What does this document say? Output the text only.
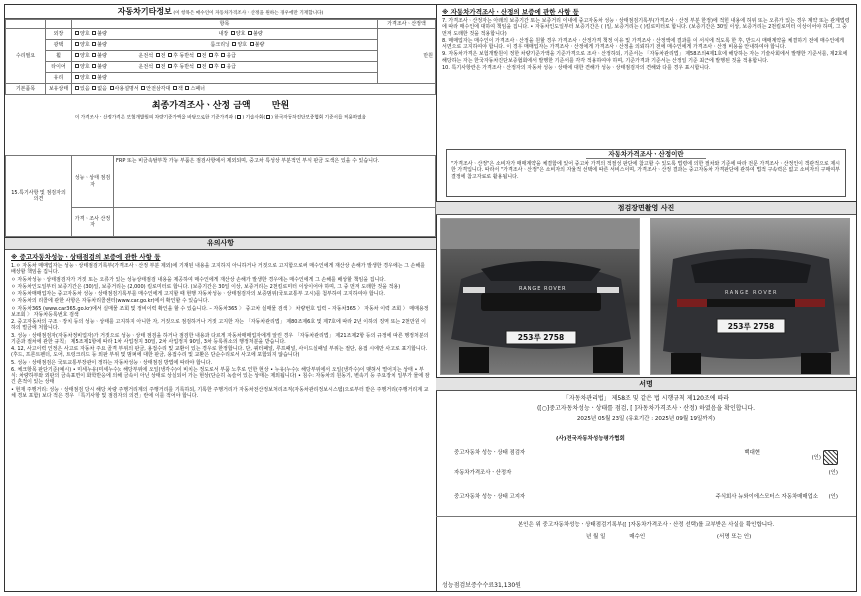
자동차기타정보 (이 항목은 매수인이 자동차가격조사ㆍ산정을 원하는 경우에만 기재합니다)
		항목	가격조사ㆍ산정액
수리필요	외장	양호 불량 내장 양호 불량	만원
	광택	양호 불량 룸크리닝 양호 불량	
	휠	양호 불량 운전석 전 후 동반석 전 후 응급	
	타이어	양호 불량 운전석 전 후 동반석 전 후 응급	
	유리	양호 불량	
기본품목	보유상태	있음 없음 사용설명서 안전삼각대 잭 스패너	
최종가격조사ㆍ산정 금액 만원
이 가격조사ㆍ산정가격은 보험개발원의 차량기준가액을 바탕으로한 기준가격과 ( ) 기술사회( ) 한국자동차진단보증협회 기준서를 적용하였음
15.특기사항 및 점검자의 의견	성능ㆍ상태 점검자	FRP 또는 비금속탈부착 가능 부품은 점검사항에서 제외되며, 중고차 특성상 부분적인 부식 판금 도색은 있을 수 있습니다.
	가격ㆍ조사 산정자	
유의사항

※ 중고자동차성능ㆍ상태점검의 보증에 관한 사항 등

1.ㅇ 자동차 매매업자는 성능ㆍ상태점검기록부(가격조사ㆍ산정 부분 제외)에 기재된 내용을 고지하지 아니하거나 거짓으로 고지함으로써 매수인에게 재산상 손해가 발생한 경우에는 그 손해를 배상할 책임을 집니다.

ㅇ 자동차성능ㆍ상태점검자가 거짓 또는 오류가 있는 성능상태점검 내용을 제공하여 매수인에게 재산상 손해가 발생한 경우에는 매수인에게 그 손해를 배상할 책임을 집니다.

ㅇ 자동차인도일부터 보증기간은 (30)일, 보증거리는 (2,000) 킬로미터로 합니다. (보증기간은 30일 이상, 보증거리는 2천킬로미터 이상이어야 하며, 그 중 먼저 도래한 것을 적용)

ㅇ 자동차매매업자는 중고자동차 성능ㆍ상태점검기록부를 매수인에게 고지할 때 현행 자동차성능ㆍ상태점검자의 보증범위(국토교통부 고시)를 첨부하여 고지하여야 합니다.

ㅇ 자동차의 리콜에 관한 사항은 자동차리콜센터(www.car.go.kr)에서 확인할 수 있습니다.

ㅇ 자동차365 (www.car365.go.kr)에서 실매물 조회 및 정비이력 확인을 할 수 있습니다. – 자동차365 〉 중고차 실매물 검색 〉 차량번호 입력 – 자동차365 〉 자동차 이력 조회 〉 매매용정보조회 〉 자동차등록번호 검색

2. 중고자동차의 구조ㆍ장치 등의 성능ㆍ상태를 고지하지 아니한 자, 거짓으로 점검하거나 거짓 고지한 자는 「자동차관리법」 제80조제6호 및 제7호에 따라 2년 이하의 징역 또는 2천만원 이하의 벌금에 처합니다.

3. 성능ㆍ상태점검자(자동차정비업자)가 거짓으로 성능ㆍ상태 점검을 하거나 점검한 내용과 다르게 자동차매매업자에게 알린 경우 「자동차관리법」 제21조제2항 등의 규정에 따른 행정처분의 기준과 절차에 관한 규칙」 제5조제1항에 따라 1차 사업정지 30일, 2차 사업정지 90일, 3차 등록취소의 행정처분을 받습니다.

4. 12, 사고이력 인정은 사고로 자동차 주요 골격 부위의 판금, 용접수리 및 교환이 있는 경우로 한정합니다. 단, 쿼터패널, 루프패널, 사이드실패널 부위는 절단, 용접 시에만 사고로 표기합니다. (후드, 프론트펜더, 도어, 트렁크리드 등 외판 부위 및 범퍼에 대한 판금, 용접수리 및 교환은 단순수리로서 사고에 포함되지 않습니다)

5. 성능ㆍ상태점검은 국토교통부장관이 정하는 자동차성능ㆍ상태점검 방법에 따라야 합니다.

6. 체크항목 판단기준(예시) • 미세누유(미세누수): 해당부위에 오일(냉각수)이 비치는 정도로서 부품 노후로 인한 현상 • 누유(누수): 해당부위에서 오일(냉각수)이 맺혀서 떨어지는 상태 • 부식: 차량하부와 외판의 금속표면이 화학반응에 의해 금속이 아닌 상태로 상실되어 가는 현상(단순히 녹슬어 있는 상태는 제외됩니다) • 침수: 자동차의 원동기, 변속기 등 주요장치 일부가 물에 잠긴 흔적이 있는 상태

• 현재 주행거리: 성능ㆍ상태점검 당시 해당 차량 주행거리계의 주행거리를 기록하되, 기록한 주행거리가 자동차전산정보처리조직(자동차관리정보시스템)으로부터 받은 주행거리(주행거리계 교체 경보 포함) 보다 적은 경우 「특기사항 및 점검자의 의견」란에 이를 적어야 합니다.

※ 자동차가격조사ㆍ산정의 보증에 관한 사항 등

7. 가격조사ㆍ산정자는 아래의 보증기간 또는 보증거리 이내에 중고자동차 성능ㆍ상태점검기록부(가격조사ㆍ산정 부분 한정)에 적힌 내용에 허위 또는 오류가 있는 경우 계약 또는 관계법령에 따라 매수인에 대하여 책임을 집니다. • 자동차인도일부터 보증기간은 ( )일, 보증거리는 ( )킬로미터로 합니다. (보증기간은 30일 이상, 보증거리는 2천킬로미터 이상이어야 하며, 그 중 먼저 도래한 것을 적용합니다)

8. 매매업자는 매수인이 가격조사ㆍ산정을 원할 경우 가격조사ㆍ산정가격 책정 이유 및 가격조사ㆍ산정액에 결과를 이 서식에 적도록 한 후, 반드시 매매계약을 체결하기 전에 매수인에게 서면으로 고지하여야 합니다. 이 경우 매매업자는 가격조사ㆍ산정에게 가격조사ㆍ산정을 의뢰하기 전에 매수인에게 가격조사ㆍ산정 비용을 안내하여야 합니다.

9. 자동차가격은 보험개발원이 정한 차량기준가액을 기준가격으로 조사ㆍ산정하되, 기준서는 「자동차관리법」 제58조의4제1호에 해당하는 자는 기술사회에서 발행한 기준서를, 제2호에 해당하는 자는 한국자동차진단보증협회에서 발행한 기준서를 각각 적용하여야 하며, 기준가격과 기준서는 산정일 기준 최근에 발행된 것을 적용합니다.

10. 특기사항란은 가격조사ㆍ산정자의 자동차 성능ㆍ상태에 대한 견해가 성능ㆍ상태점검자의 견해와 다를 경우 표시합니다.

자동차가격조사ㆍ산정이란

"가격조사ㆍ산정"은 소비자가 매매계약을 체결함에 있어 중고차 가격의 적절성 판단에 참고할 수 있도록 법령에 의한 절차와 기준에 따라 전문 가격조사ㆍ산정인이 객관적으로 제시한 가격입니다. 따라서 "가격조사ㆍ산정"은 소비자의 자율적 선택에 따른 서비스이며, 가격조사ㆍ산정 결과는 중고자동차 가격판단에 관하여 법적 구속력은 없고 소비자의 구매여부 결정에 참고자료로 활용됩니다.

점검장면촬영 사진
RANGE ROVER
253루 2758
RANGE ROVER
253루 2758
서명
「자동차관리법」 제58조 및 같은 법 시행규칙 제120조에 따라
([○]중고자동차성능ㆍ상태를 점검, [ ]자동차가격조사ㆍ산정) 하였음을 확인합니다.
2025년 05월 23일 (유효기간 : 2025년 09월 19일까지)
(사)전국자동차성능평가협회
중고자동차 성능ㆍ상태 점검자	백대현
(인)
자동차가격조사ㆍ산정자	(인)
중고자동차 성능ㆍ상태 고지자	주식회사 뉴와이에스모터스 자동차매매업소 (인)
본인은 위 중고자동차성능ㆍ상태점검기록부([ ]자동차가격조사ㆍ산정 선택)를 교부받은 사실을 확인합니다.
년 월 일	매수인	(서명 또는 인)
성능점검보증수수료31,130원
